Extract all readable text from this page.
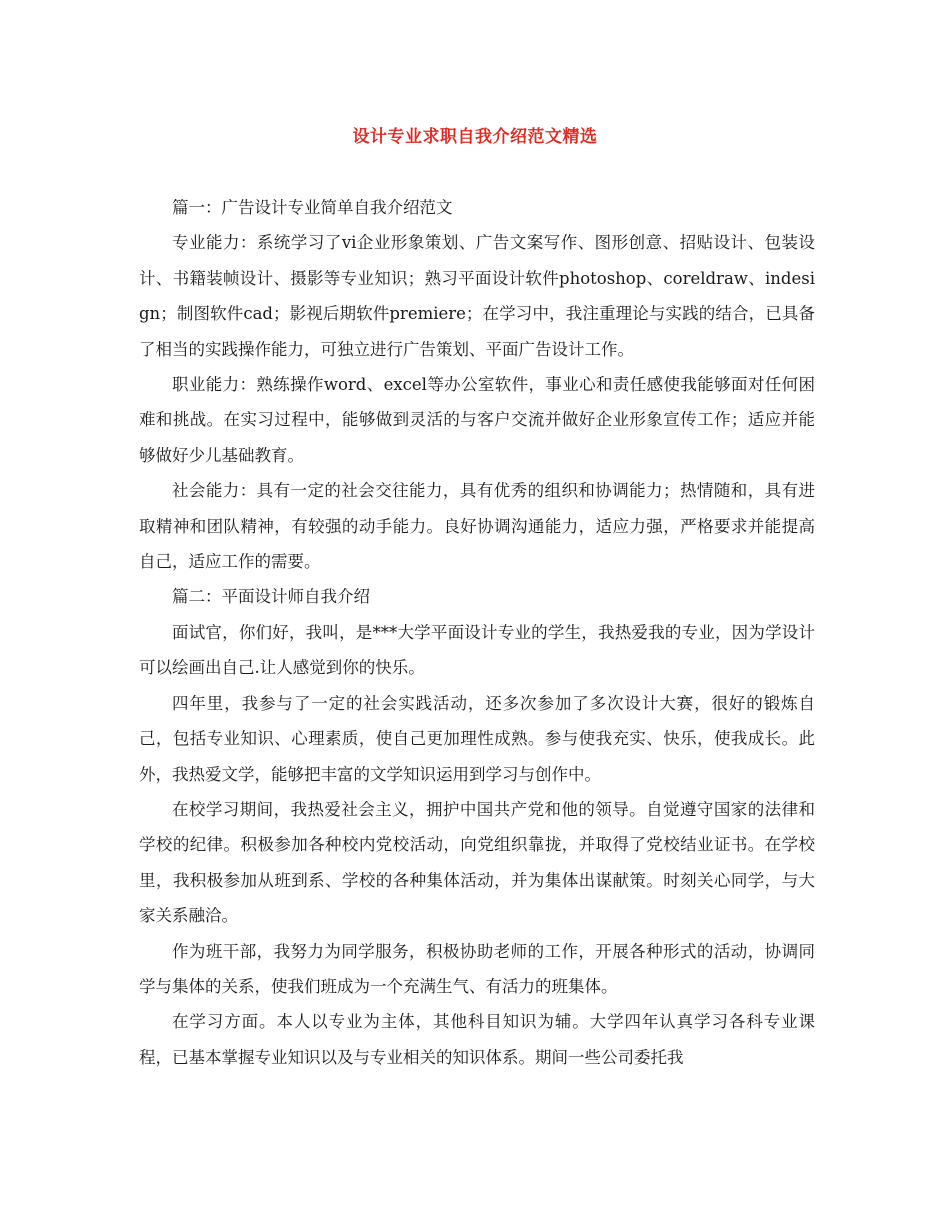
设计专业求职自我介绍范文精选

篇一：广告设计专业简单自我介绍范文

专业能力：系统学习了vi企业形象策划、广告文案写作、图形创意、招贴设计、包装设计、书籍装帧设计、摄影等专业知识；熟习平面设计软件photoshop、coreldraw、indesign；制图软件cad；影视后期软件premiere；在学习中，我注重理论与实践的结合，已具备了相当的实践操作能力，可独立进行广告策划、平面广告设计工作。

职业能力：熟练操作word、excel等办公室软件，事业心和责任感使我能够面对任何困难和挑战。在实习过程中，能够做到灵活的与客户交流并做好企业形象宣传工作；适应并能够做好少儿基础教育。

社会能力：具有一定的社会交往能力，具有优秀的组织和协调能力；热情随和，具有进取精神和团队精神，有较强的动手能力。良好协调沟通能力，适应力强，严格要求并能提高自己，适应工作的需要。

篇二：平面设计师自我介绍

面试官，你们好，我叫，是***大学平面设计专业的学生，我热爱我的专业，因为学设计可以绘画出自己.让人感觉到你的快乐。

四年里，我参与了一定的社会实践活动，还多次参加了多次设计大赛，很好的锻炼自己，包括专业知识、心理素质，使自己更加理性成熟。参与使我充实、快乐，使我成长。此外，我热爱文学，能够把丰富的文学知识运用到学习与创作中。

在校学习期间，我热爱社会主义，拥护中国共产党和他的领导。自觉遵守国家的法律和学校的纪律。积极参加各种校内党校活动，向党组织靠拢，并取得了党校结业证书。在学校里，我积极参加从班到系、学校的各种集体活动，并为集体出谋献策。时刻关心同学，与大家关系融洽。

作为班干部，我努力为同学服务，积极协助老师的工作，开展各种形式的活动，协调同学与集体的关系，使我们班成为一个充满生气、有活力的班集体。

在学习方面。本人以专业为主体，其他科目知识为辅。大学四年认真学习各科专业课程，已基本掌握专业知识以及与专业相关的知识体系。期间一些公司委托我
